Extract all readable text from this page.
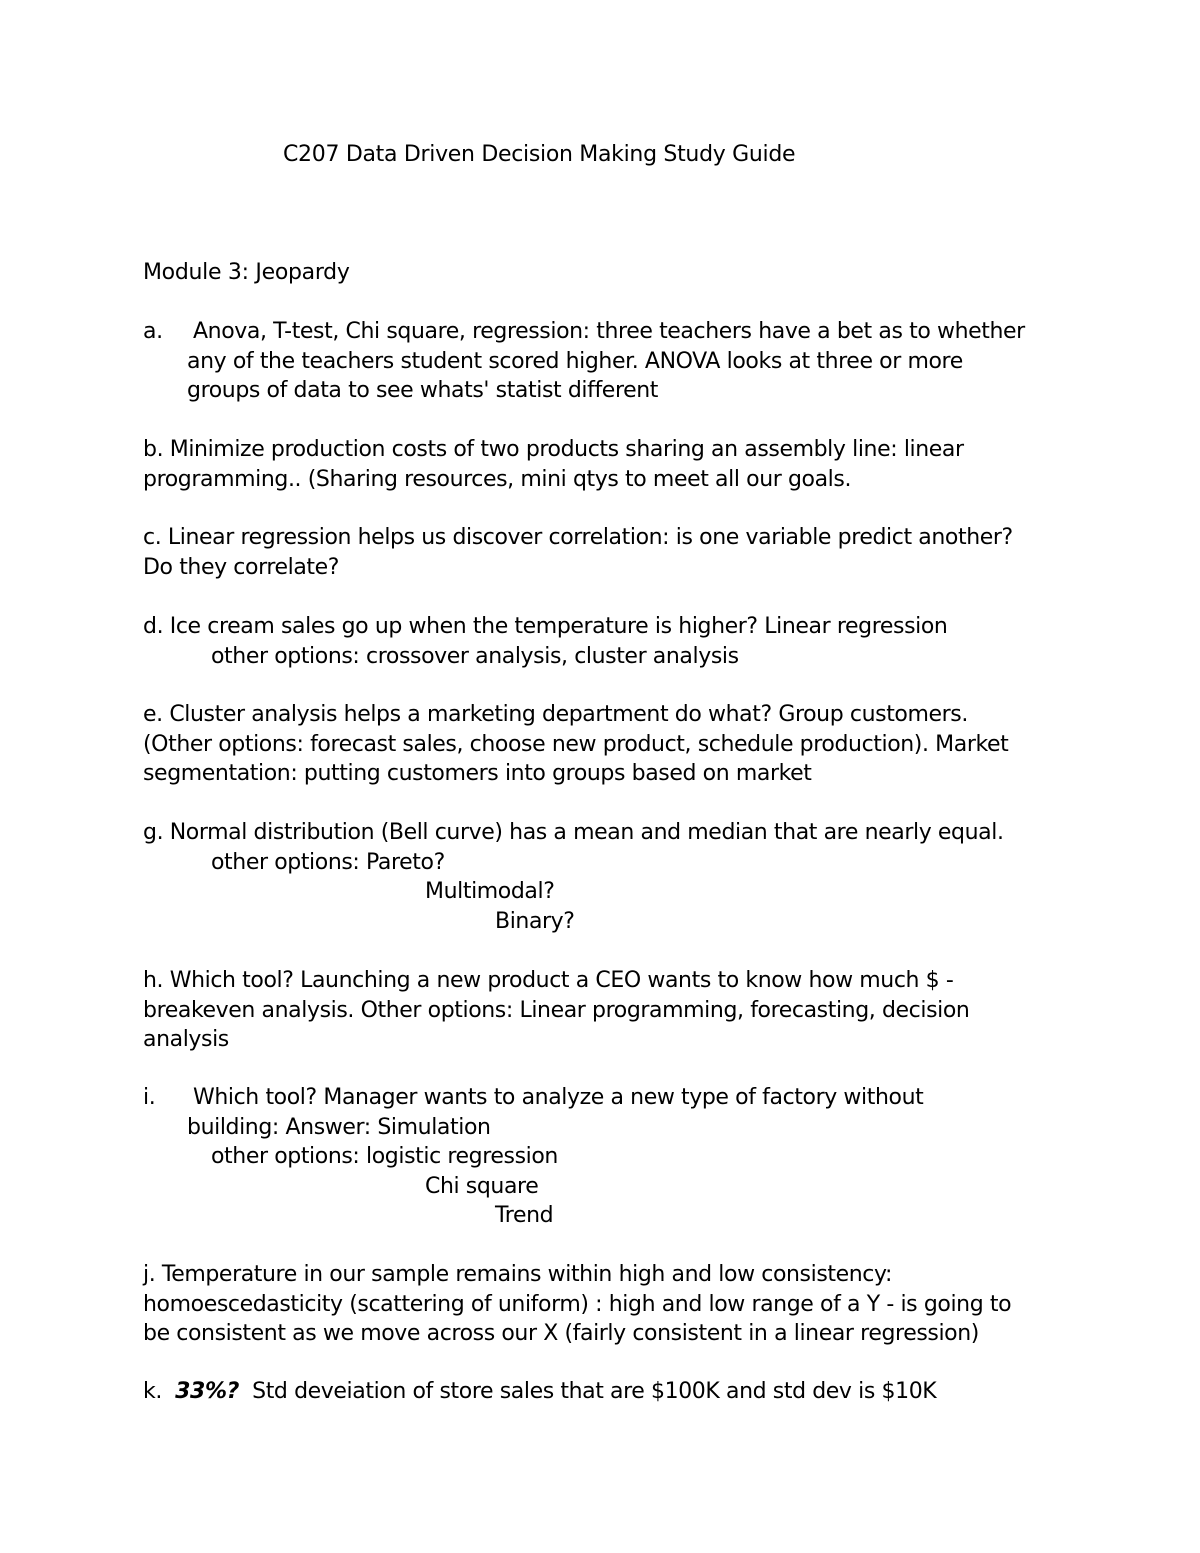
C207 Data Driven Decision Making Study Guide
Module 3: Jeopardy
a. Anova, T-test, Chi square, regression: three teachers have a bet as to whether
any of the teachers student scored higher. ANOVA looks at three or more
groups of data to see whats' statist different
b. Minimize production costs of two products sharing an assembly line: linear
programming.. (Sharing resources, mini qtys to meet all our goals.
c. Linear regression helps us discover correlation: is one variable predict another?
Do they correlate?
d. Ice cream sales go up when the temperature is higher? Linear regression
other options: crossover analysis, cluster analysis
e. Cluster analysis helps a marketing department do what? Group customers.
(Other options: forecast sales, choose new product, schedule production). Market
segmentation: putting customers into groups based on market
g. Normal distribution (Bell curve) has a mean and median that are nearly equal.
other options: Pareto?
Multimodal?
Binary?
h. Which tool? Launching a new product a CEO wants to know how much $ -
breakeven analysis. Other options: Linear programming, forecasting, decision
analysis
i. Which tool? Manager wants to analyze a new type of factory without
building: Answer: Simulation
other options: logistic regression
Chi square
Trend
j. Temperature in our sample remains within high and low consistency:
homoescedasticity (scattering of uniform) : high and low range of a Y - is going to
be consistent as we move across our X (fairly consistent in a linear regression)
k.  33%?  Std deveiation of store sales that are $100K and std dev is $10K
